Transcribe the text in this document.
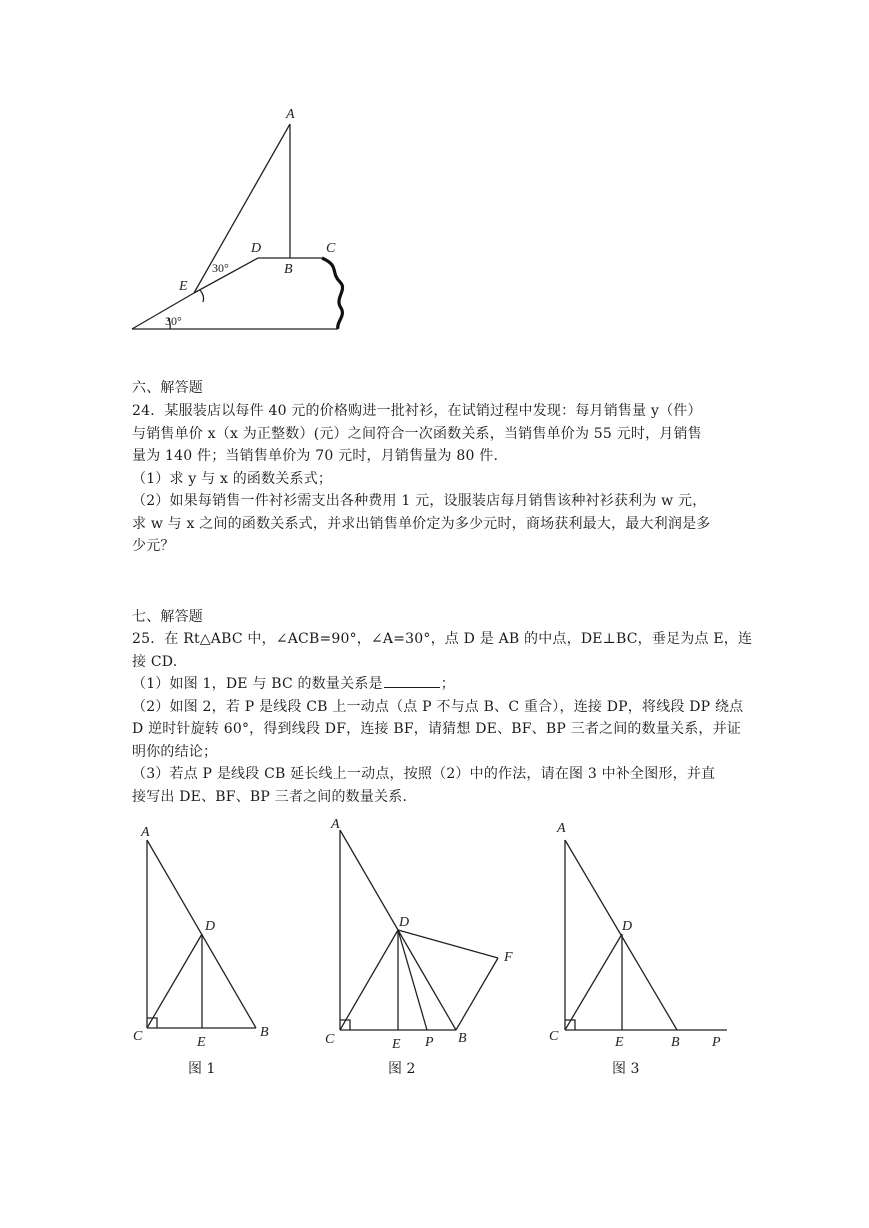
A
D	C
B
E
30°
30°
六、解答题
24．某服装店以每件 40 元的价格购进一批衬衫，在试销过程中发现：每月销售量 y（件）
与销售单价 x（x 为正整数）(元）之间符合一次函数关系，当销售单价为 55 元时，月销售
量为 140 件；当销售单价为 70 元时，月销售量为 80 件.
（1）求 y 与 x 的函数关系式；
（2）如果每销售一件衬衫需支出各种费用 1 元，设服装店每月销售该种衬衫获利为 w 元，
求 w 与 x 之间的函数关系式，并求出销售单价定为多少元时，商场获利最大，最大利润是多
少元？
七、解答题
25．在 Rt△ABC 中，∠ACB=90°，∠A=30°，点 D 是 AB 的中点，DE⊥BC，垂足为点 E，连
接 CD.
（1）如图 1，DE 与 BC 的数量关系是	；
（2）如图 2，若 P 是线段 CB 上一动点（点 P 不与点 B、C 重合），连接 DP，将线段 DP 绕点
D 逆时针旋转 60°，得到线段 DF，连接 BF，请猜想 DE、BF、BP 三者之间的数量关系，并证
明你的结论；
（3）若点 P 是线段 CB 延长线上一动点，按照（2）中的作法，请在图 3 中补全图形，并直
接写出 DE、BF、BP 三者之间的数量关系.
A
D
C	E
B
图 1
A
D
F
C	E P B
图 2
A
D
C	E	B P
图 3
